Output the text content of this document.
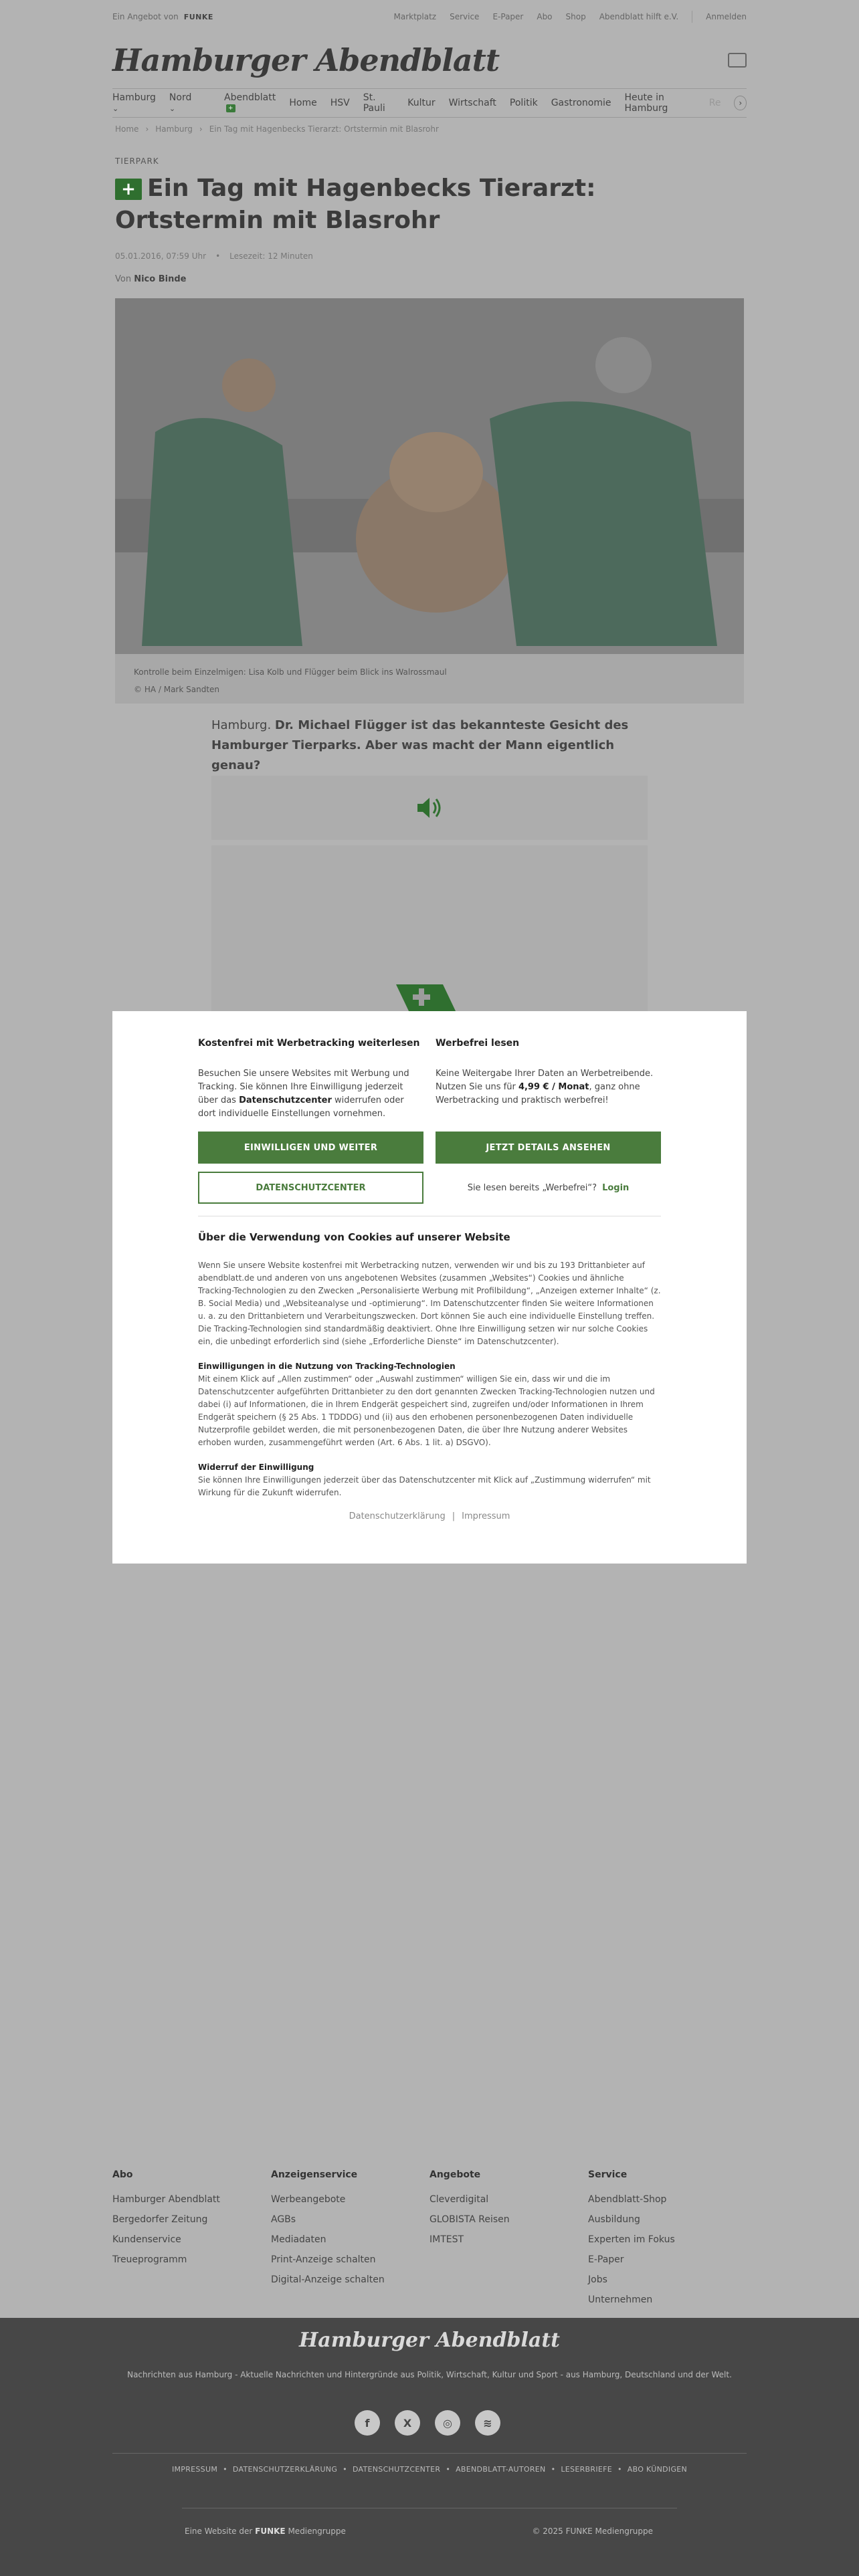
Ein Angebot von FUNKE	Marktplatz Service E-Paper Abo Shop Abendblatt hilft e.V.	Anmelden
Hamburger Abendblatt
Hamburg ⌄ Nord ⌄	Abendblatt+	Home HSV St. Pauli	Kultur Wirtschaft Politik Gastronomie Heute in Hamburg	Re	›
Home › Hamburg › Ein Tag mit Hagenbecks Tierarzt: Ortstermin mit Blasrohr
TIERPARK
+ Ein Tag mit Hagenbecks Tierarzt: Ortstermin mit Blasrohr
05.01.2016, 07:59 Uhr • Lesezeit: 12 Minuten
Von Nico Binde
Kontrolle beim Einzelmigen: Lisa Kolb und Flügger beim Blick ins Walrossmaul
© HA / Mark Sandten

Hamburg. Dr. Michael Flügger ist das bekannteste Gesicht des Hamburger Tierparks. Aber was macht der Mann eigentlich genau?

Kostenfrei mit Werbetracking weiterlesen

Besuchen Sie unsere Websites mit Werbung und Tracking. Sie können Ihre Einwilligung jederzeit über das Datenschutzcenter widerrufen oder dort individuelle Einstellungen vornehmen.

EINWILLIGEN UND WEITER
DATENSCHUTZCENTER
Werbefrei lesen

Keine Weitergabe Ihrer Daten an Werbetreibende. Nutzen Sie uns für 4,99 € / Monat, ganz ohne Werbetracking und praktisch werbefrei!

JETZT DETAILS ANSEHEN
Sie lesen bereits „Werbefrei“? Login
Über die Verwendung von Cookies auf unserer Website

Wenn Sie unsere Website kostenfrei mit Werbetracking nutzen, verwenden wir und bis zu 193 Drittanbieter auf abendblatt.de und anderen von uns angebotenen Websites (zusammen „Websites“) Cookies und ähnliche Tracking-Technologien zu den Zwecken „Personalisierte Werbung mit Profilbildung“, „Anzeigen externer Inhalte“ (z. B. Social Media) und „Websiteanalyse und -optimierung“. Im Datenschutzcenter finden Sie weitere Informationen u. a. zu den Drittanbietern und Verarbeitungszwecken. Dort können Sie auch eine individuelle Einstellung treffen. Die Tracking-Technologien sind standardmäßig deaktiviert. Ohne Ihre Einwilligung setzen wir nur solche Cookies ein, die unbedingt erforderlich sind (siehe „Erforderliche Dienste“ im Datenschutzcenter).

Einwilligungen in die Nutzung von Tracking-Technologien

Mit einem Klick auf „Allen zustimmen“ oder „Auswahl zustimmen“ willigen Sie ein, dass wir und die im Datenschutzcenter aufgeführten Drittanbieter zu den dort genannten Zwecken Tracking-Technologien nutzen und dabei (i) auf Informationen, die in Ihrem Endgerät gespeichert sind, zugreifen und/oder Informationen in Ihrem Endgerät speichern (§ 25 Abs. 1 TDDDG) und (ii) aus den erhobenen personenbezogenen Daten individuelle Nutzerprofile gebildet werden, die mit personenbezogenen Daten, die über Ihre Nutzung anderer Websites erhoben wurden, zusammengeführt werden (Art. 6 Abs. 1 lit. a) DSGVO).

Widerruf der Einwilligung

Sie können Ihre Einwilligungen jederzeit über das Datenschutzcenter mit Klick auf „Zustimmung widerrufen“ mit Wirkung für die Zukunft widerrufen.

Datenschutzerklärung | Impressum
Abo
Hamburger Abendblatt
Bergedorfer Zeitung
Kundenservice
Treueprogramm
Anzeigenservice
Werbeangebote
AGBs
Mediadaten
Print-Anzeige schalten
Digital-Anzeige schalten
Angebote
Cleverdigital
GLOBISTA Reisen
IMTEST
Service
Abendblatt-Shop
Ausbildung
Experten im Fokus
E-Paper
Jobs
Unternehmen
Hamburger Abendblatt
Nachrichten aus Hamburg - Aktuelle Nachrichten und Hintergründe aus Politik, Wirtschaft, Kultur und Sport - aus Hamburg, Deutschland und der Welt.
f	X	◎	≋
IMPRESSUM • DATENSCHUTZERKLÄRUNG • DATENSCHUTZCENTER • ABENDBLATT-AUTOREN • LESERBRIEFE • ABO KÜNDIGEN
Eine Website der FUNKE Mediengruppe	© 2025 FUNKE Mediengruppe
